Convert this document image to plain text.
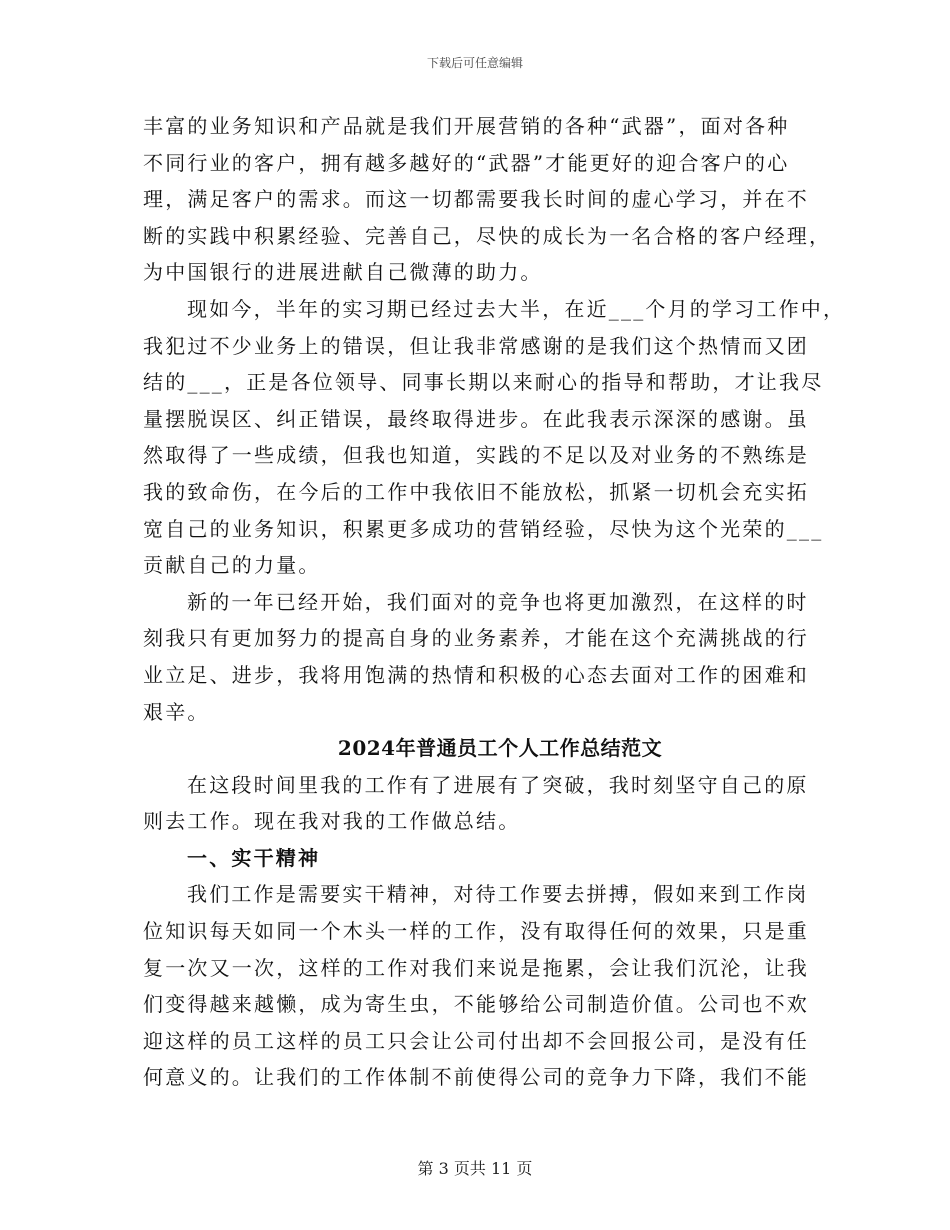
下载后可任意编辑
丰富的业务知识和产品就是我们开展营销的各种“武器”，面对各种
不同行业的客户，拥有越多越好的“武器”才能更好的迎合客户的心
理，满足客户的需求。而这一切都需要我长时间的虚心学习，并在不
断的实践中积累经验、完善自己，尽快的成长为一名合格的客户经理，
为中国银行的进展进献自己微薄的助力。
现如今，半年的实习期已经过去大半，在近___个月的学习工作中，
我犯过不少业务上的错误，但让我非常感谢的是我们这个热情而又团
结的___，正是各位领导、同事长期以来耐心的指导和帮助，才让我尽
量摆脱误区、纠正错误，最终取得进步。在此我表示深深的感谢。虽
然取得了一些成绩，但我也知道，实践的不足以及对业务的不熟练是
我的致命伤，在今后的工作中我依旧不能放松，抓紧一切机会充实拓
宽自己的业务知识，积累更多成功的营销经验，尽快为这个光荣的___
贡献自己的力量。
新的一年已经开始，我们面对的竞争也将更加激烈，在这样的时
刻我只有更加努力的提高自身的业务素养，才能在这个充满挑战的行
业立足、进步，我将用饱满的热情和积极的心态去面对工作的困难和
艰辛。
2024年普通员工个人工作总结范文
在这段时间里我的工作有了进展有了突破，我时刻坚守自己的原
则去工作。现在我对我的工作做总结。
一、实干精神
我们工作是需要实干精神，对待工作要去拼搏，假如来到工作岗
位知识每天如同一个木头一样的工作，没有取得任何的效果，只是重
复一次又一次，这样的工作对我们来说是拖累，会让我们沉沦，让我
们变得越来越懒，成为寄生虫，不能够给公司制造价值。公司也不欢
迎这样的员工这样的员工只会让公司付出却不会回报公司，是没有任
何意义的。让我们的工作体制不前使得公司的竞争力下降，我们不能
第 3 页共 11 页
